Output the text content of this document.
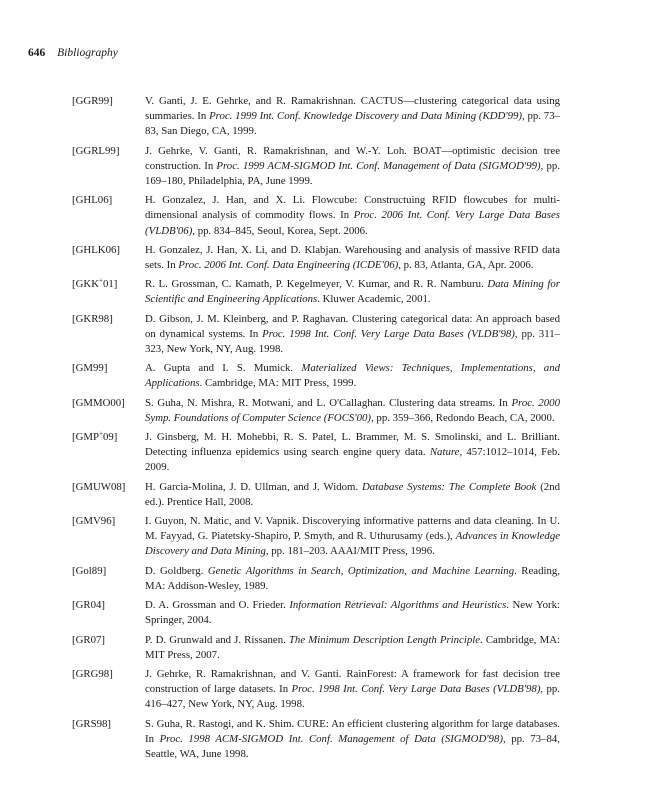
646 Bibliography
[GGR99]	V. Ganti, J. E. Gehrke, and R. Ramakrishnan. CACTUS—clustering categorical data using summaries. In Proc. 1999 Int. Conf. Knowledge Discovery and Data Mining (KDD'99), pp. 73–83, San Diego, CA, 1999.
[GGRL99]	J. Gehrke, V. Ganti, R. Ramakrishnan, and W.-Y. Loh. BOAT—optimistic decision tree construction. In Proc. 1999 ACM-SIGMOD Int. Conf. Management of Data (SIGMOD'99), pp. 169–180, Philadelphia, PA, June 1999.
[GHL06]	H. Gonzalez, J. Han, and X. Li. Flowcube: Constructuing RFID flowcubes for multi-dimensional analysis of commodity flows. In Proc. 2006 Int. Conf. Very Large Data Bases (VLDB'06), pp. 834–845, Seoul, Korea, Sept. 2006.
[GHLK06]	H. Gonzalez, J. Han, X. Li, and D. Klabjan. Warehousing and analysis of massive RFID data sets. In Proc. 2006 Int. Conf. Data Engineering (ICDE'06), p. 83, Atlanta, GA, Apr. 2006.
[GKK+01]	R. L. Grossman, C. Kamath, P. Kegelmeyer, V. Kumar, and R. R. Namburu. Data Mining for Scientific and Engineering Applications. Kluwer Academic, 2001.
[GKR98]	D. Gibson, J. M. Kleinberg, and P. Raghavan. Clustering categorical data: An approach based on dynamical systems. In Proc. 1998 Int. Conf. Very Large Data Bases (VLDB'98), pp. 311–323, New York, NY, Aug. 1998.
[GM99]	A. Gupta and I. S. Mumick. Materialized Views: Techniques, Implementations, and Applications. Cambridge, MA: MIT Press, 1999.
[GMMO00]	S. Guha, N. Mishra, R. Motwani, and L. O'Callaghan. Clustering data streams. In Proc. 2000 Symp. Foundations of Computer Science (FOCS'00), pp. 359–366, Redondo Beach, CA, 2000.
[GMP+09]	J. Ginsberg, M. H. Mohebbi, R. S. Patel, L. Brammer, M. S. Smolinski, and L. Brilliant. Detecting influenza epidemics using search engine query data. Nature, 457:1012–1014, Feb. 2009.
[GMUW08]	H. Garcia-Molina, J. D. Ullman, and J. Widom. Database Systems: The Complete Book (2nd ed.). Prentice Hall, 2008.
[GMV96]	I. Guyon, N. Matic, and V. Vapnik. Discoverying informative patterns and data cleaning. In U. M. Fayyad, G. Piatetsky-Shapiro, P. Smyth, and R. Uthurusamy (eds.), Advances in Knowledge Discovery and Data Mining, pp. 181–203. AAAI/MIT Press, 1996.
[Gol89]	D. Goldberg. Genetic Algorithms in Search, Optimization, and Machine Learning. Reading, MA: Addison-Wesley, 1989.
[GR04]	D. A. Grossman and O. Frieder. Information Retrieval: Algorithms and Heuristics. New York: Springer, 2004.
[GR07]	P. D. Grunwald and J. Rissanen. The Minimum Description Length Principle. Cambridge, MA: MIT Press, 2007.
[GRG98]	J. Gehrke, R. Ramakrishnan, and V. Ganti. RainForest: A framework for fast decision tree construction of large datasets. In Proc. 1998 Int. Conf. Very Large Data Bases (VLDB'98), pp. 416–427, New York, NY, Aug. 1998.
[GRS98]	S. Guha, R. Rastogi, and K. Shim. CURE: An efficient clustering algorithm for large databases. In Proc. 1998 ACM-SIGMOD Int. Conf. Management of Data (SIGMOD'98), pp. 73–84, Seattle, WA, June 1998.
